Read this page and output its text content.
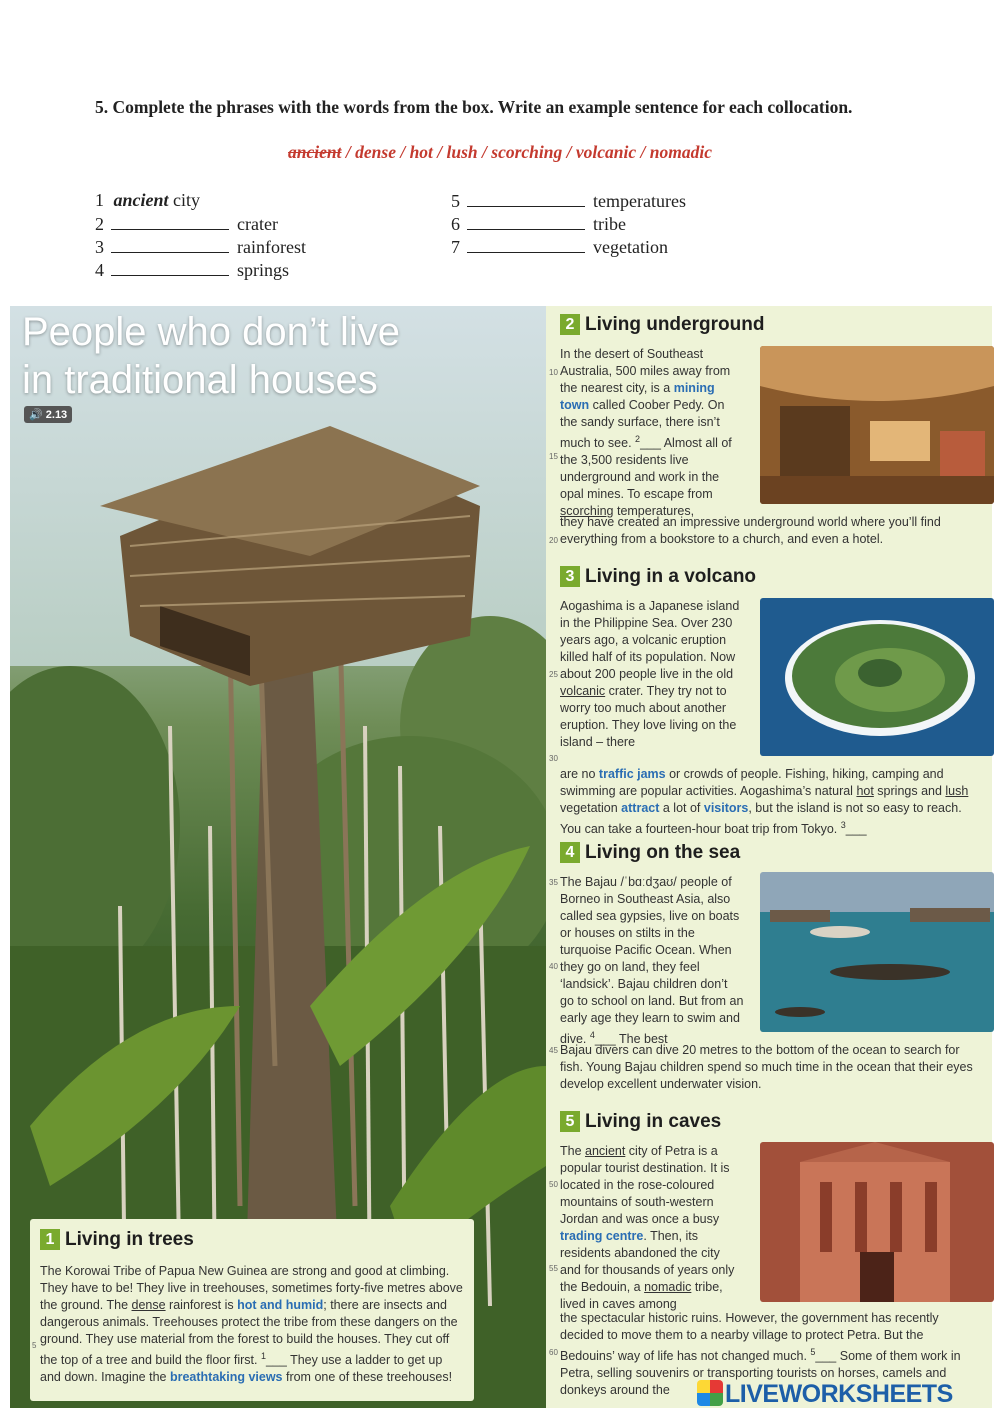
5. Complete the phrases with the words from the box. Write an example sentence for each collocation.
ancient / dense / hot / lush / scorching / volcanic / nomadic
1 ancient city
2	crater
3	rainforest
4	springs
5	temperatures
6	tribe
7	vegetation
People who don’t live
in traditional houses
🔊 2.13
1 Living in trees
The Korowai Tribe of Papua New Guinea are strong and good at climbing. They have to be! They live in treehouses, sometimes forty-five metres above the ground. The dense rainforest is hot and humid; there are insects and dangerous animals. Treehouses protect the tribe from these dangers on the ground. They use material from the forest to build the houses. They cut off the top of a tree and build the floor first. $^1$___ They use a ladder to get up and down. Imagine the breathtaking views from one of these treehouses!
5
2 Living underground
In the desert of Southeast Australia, 500 miles away from the nearest city, is a mining town called Coober Pedy. On the sandy surface, there isn’t much to see. $^2$___ Almost all of the 3,500 residents live underground and work in the opal mines. To escape from scorching temperatures,
they have created an impressive underground world where you’ll find everything from a bookstore to a church, and even a hotel.
10
15
20
3 Living in a volcano
Aogashima is a Japanese island in the Philippine Sea. Over 230 years ago, a volcanic eruption killed half of its population. Now about 200 people live in the old volcanic crater. They try not to worry too much about another eruption. They love living on the island – there
are no traffic jams or crowds of people. Fishing, hiking, camping and swimming are popular activities. Aogashima’s natural hot springs and lush vegetation attract a lot of visitors, but the island is not so easy to reach. You can take a fourteen-hour boat trip from Tokyo. $^3$___
25
30
4 Living on the sea
The Bajau /ˈbɑːdʒaʊ/ people of Borneo in Southeast Asia, also called sea gypsies, live on boats or houses on stilts in the turquoise Pacific Ocean. When they go on land, they feel ‘landsick’. Bajau children don’t go to school on land. But from an early age they learn to swim and dive. $^4$___ The best
Bajau divers can dive 20 metres to the bottom of the ocean to search for fish. Young Bajau children spend so much time in the ocean that their eyes develop excellent underwater vision.
35
40
45
5 Living in caves
The ancient city of Petra is a popular tourist destination. It is located in the rose-coloured mountains of south-western Jordan and was once a busy trading centre. Then, its residents abandoned the city and for thousands of years only the Bedouin, a nomadic tribe, lived in caves among
the spectacular historic ruins. However, the government has recently decided to move them to a nearby village to protect Petra. But the Bedouins’ way of life has not changed much. $^5$___ Some of them work in Petra, selling souvenirs or transporting tourists on horses, camels and donkeys around the
50
55
60
LIVEWORKSHEETS
